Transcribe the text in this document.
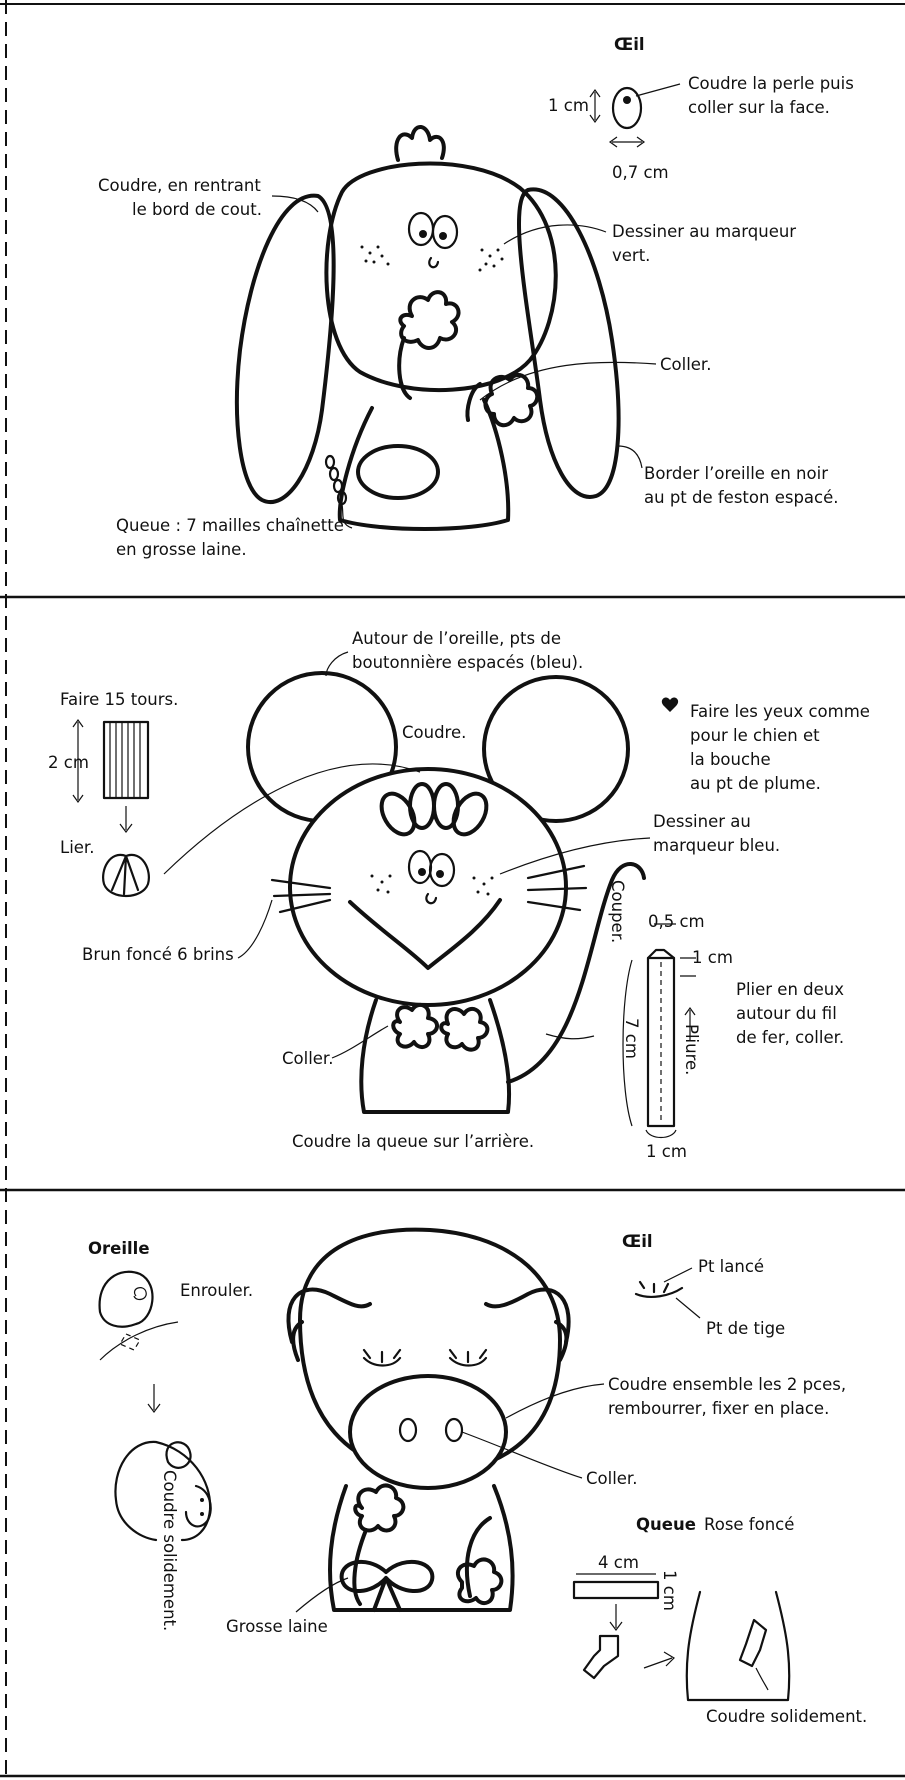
Œil
1 cm
0,7 cm
Coudre la perle puis
coller sur la face.
Coudre, en rentrant
le bord de cout.
Dessiner au marqueur
vert.
Coller.
Border l’oreille en noir
au pt de feston espacé.
Queue : 7 mailles chaînette
en grosse laine.
Faire 15 tours.
2 cm
Lier.
Autour de l’oreille, pts de
boutonnière espacés (bleu).
Coudre.
Faire les yeux comme
pour le chien et
la bouche
au pt de plume.
Dessiner au
marqueur bleu.
Brun foncé 6 brins
0,5 cm
1 cm
Couper.
7 cm Pliure.
Plier en deux
autour du fil
de fer, coller.
Coller.
1 cm
Coudre la queue sur l’arrière.
Oreille
Enrouler.
Coudre solidement.
Œil
Pt lancé
Pt de tige
Coudre ensemble les 2 pces,
rembourrer, fixer en place.
Coller.
Queue Rose foncé
4 cm
1 cm
Grosse laine
Coudre solidement.
